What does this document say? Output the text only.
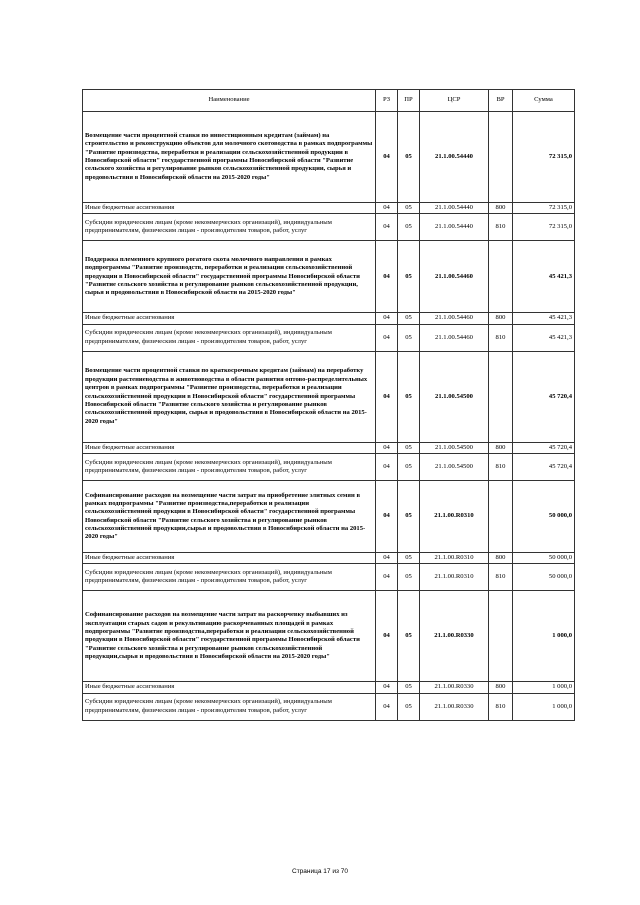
Наименование	РЗ	ПР	ЦСР	ВР	Сумма
Возмещение части процентной ставки по инвестиционным кредитам (займам) на строительство и реконструкцию объектов для молочного скотоводства в рамках подпрограммы "Развитие производства, переработки и реализации сельскохозяйственной продукции в Новосибирской области" государственной программы Новосибирской области "Развитие сельского хозяйства и регулирование рынков сельскохозяйственной продукции, сырья и продовольствия в Новосибирской области на 2015-2020 годы"	04	05	21.1.00.54440		72 315,0
Иные бюджетные ассигнования	04	05	21.1.00.54440	800	72 315,0
Субсидии юридическим лицам (кроме некоммерческих организаций), индивидуальным предпринимателям, физическим лицам - производителям товаров, работ, услуг	04	05	21.1.00.54440	810	72 315,0
Поддержка племенного крупного рогатого скота молочного направления в рамках подпрограммы "Развитие производств, переработки и реализации сельскохозяйственной продукции в Новосибирской области" государственной программы Новосибирской области "Развитие сельского хозяйства и регулирование рынков сельскохозяйственной продукции, сырья и продовольствия в Новосибирской области на 2015-2020 годы"	04	05	21.1.00.54460		45 421,3
Иные бюджетные ассигнования	04	05	21.1.00.54460	800	45 421,3
Субсидии юридическим лицам (кроме некоммерческих организаций), индивидуальным предпринимателям, физическим лицам - производителям товаров, работ, услуг	04	05	21.1.00.54460	810	45 421,3
Возмещение части процентной ставки по краткосрочным кредитам (займам) на переработку продукции растениеводства и животноводства в области развития оптово-распределительных центров в рамках подпрограммы "Развитие производства, переработки и реализации сельскохозяйственной продукции в Новосибирской области" государственной программы Новосибирской области "Развитие сельского хозяйства и регулирование рынков сельскохозяйственной продукции, сырья и продовольствия в Новосибирской области на 2015-2020 годы"	04	05	21.1.00.54500		45 720,4
Иные бюджетные ассигнования	04	05	21.1.00.54500	800	45 720,4
Субсидии юридическим лицам (кроме некоммерческих организаций), индивидуальным предпринимателям, физическим лицам - производителям товаров, работ, услуг	04	05	21.1.00.54500	810	45 720,4
Софинансирование расходов на возмещение части затрат на приобретение элитных семян в рамках подпрограммы "Развитие производства,переработки и реализации сельскохозяйственной продукции в Новосибирской области" государственной программы Новосибирской области "Развитие сельского хозяйства и регулирование рынков сельскохозяйственной продукции,сырья и продовольствия в Новосибирской области на 2015-2020 годы"	04	05	21.1.00.R0310		50 000,0
Иные бюджетные ассигнования	04	05	21.1.00.R0310	800	50 000,0
Субсидии юридическим лицам (кроме некоммерческих организаций), индивидуальным предпринимателям, физическим лицам - производителям товаров, работ, услуг	04	05	21.1.00.R0310	810	50 000,0
Софинансирование расходов на возмещение части затрат на раскорчевку выбывших из эксплуатации старых садов и рекультивацию раскорчеванных площадей в рамках подпрограммы "Развитие производства,переработки и реализации сельскохозяйственной продукции в Новосибирской области" государственной программы Новосибирской области "Развитие сельского хозяйства и регулирование рынков сельскохозяйственной продукции,сырья и продовольствия в Новосибирской области на 2015-2020 годы"	04	05	21.1.00.R0330		1 000,0
Иные бюджетные ассигнования	04	05	21.1.00.R0330	800	1 000,0
Субсидии юридическим лицам (кроме некоммерческих организаций), индивидуальным предпринимателям, физическим лицам - производителям товаров, работ, услуг	04	05	21.1.00.R0330	810	1 000,0
Страница 17 из 70
